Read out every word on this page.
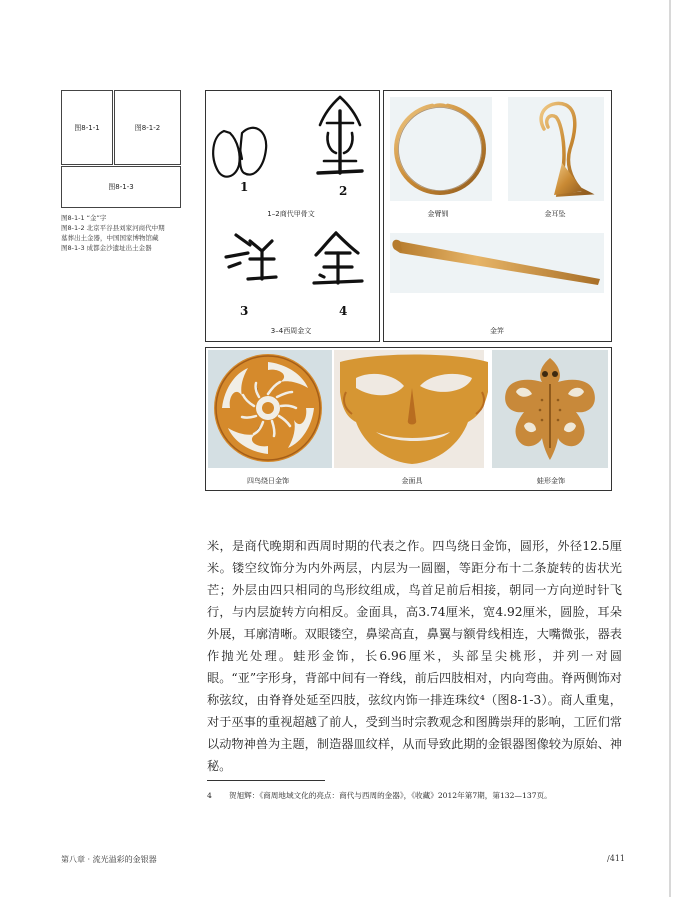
图8-1-1	图8-1-2
图8-1-3
图8-1-1 “金”字
图8-1-2 北京平谷县刘家河商代中期
墓葬出土金器，中国国家博物馆藏
图8-1-3 成都金沙遗址出土金器
1	2
3	4
1–2商代甲骨文
3–4西周金文
金臂钏	金耳坠
金笄
四鸟绕日金饰	金面具	蛙形金饰
米，是商代晚期和西周时期的代表之作。四鸟绕日金饰，圆形，外径12.5厘米。镂空纹饰分为内外两层，内层为一圆圈，等距分布十二条旋转的齿状光芒；外层由四只相同的鸟形纹组成，鸟首足前后相接，朝同一方向逆时针飞行，与内层旋转方向相反。金面具，高3.74厘米，宽4.92厘米，圆脸，耳朵外展，耳廓清晰。双眼镂空，鼻梁高直，鼻翼与额骨线相连，大嘴微张，器表作抛光处理。蛙形金饰，长6.96厘米，头部呈尖桃形，并列一对圆眼。“亚”字形身，背部中间有一脊线，前后四肢相对，内向弯曲。脊两侧饰对称弦纹，由脊脊处延至四肢，弦纹内饰一排连珠纹⁴（图8-1-3）。商人重鬼，对于巫事的重视超越了前人，受到当时宗教观念和图腾崇拜的影响，工匠们常以动物神兽为主题，制造器皿纹样，从而导致此期的金银器图像较为原始、神秘。
4 贺旭辉：《商周地域文化的亮点：商代与西周的金器》，《收藏》2012年第7期，第132—137页。
第八章 · 流光溢彩的金银器	/411
